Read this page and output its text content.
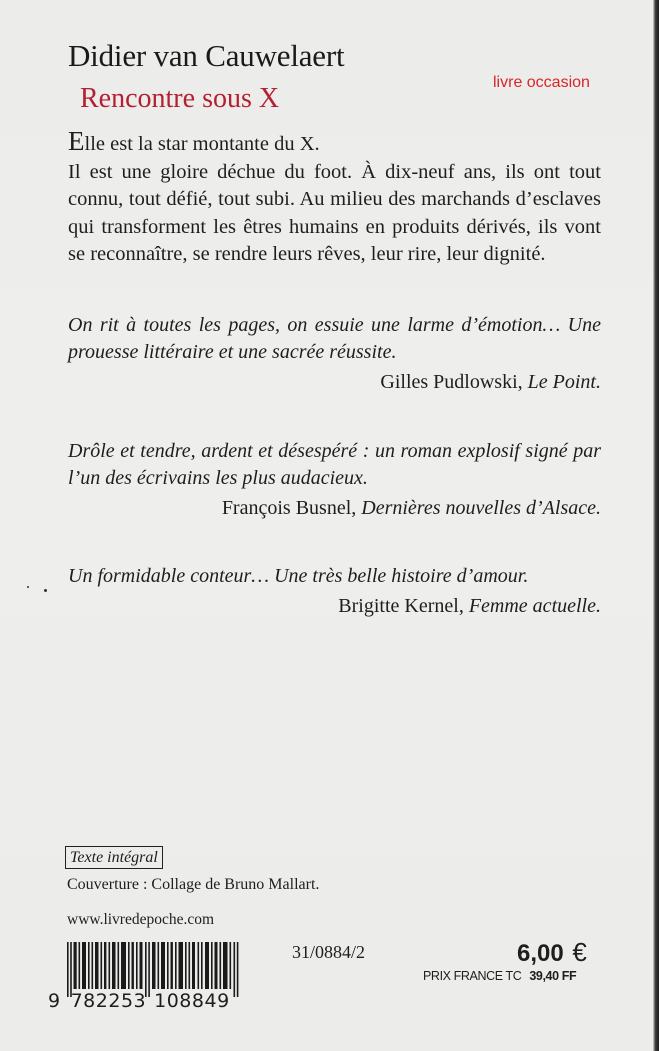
Didier van Cauwelaert
Rencontre sous X
livre occasion

Elle est la star montante du X.

Il est une gloire déchue du foot. À dix-neuf ans, ils ont tout connu, tout défié, tout subi. Au milieu des marchands d’esclaves qui transforment les êtres humains en produits dérivés, ils vont se reconnaître, se rendre leurs rêves, leur rire, leur dignité.

On rit à toutes les pages, on essuie une larme d’émotion… Une prouesse littéraire et une sacrée réussite.
Gilles Pudlowski, Le Point.
Drôle et tendre, ardent et désespéré : un roman explosif signé par l’un des écrivains les plus audacieux.
François Busnel, Dernières nouvelles d’Alsace.
Un formidable conteur… Une très belle histoire d’amour.
Brigitte Kernel, Femme actuelle.
Texte intégral
Couverture : Collage de Bruno Mallart.
www.livredepoche.com
9 782253 108849
31/0884/2	6,00 €
PRIX FRANCE TC 39,40 FF
